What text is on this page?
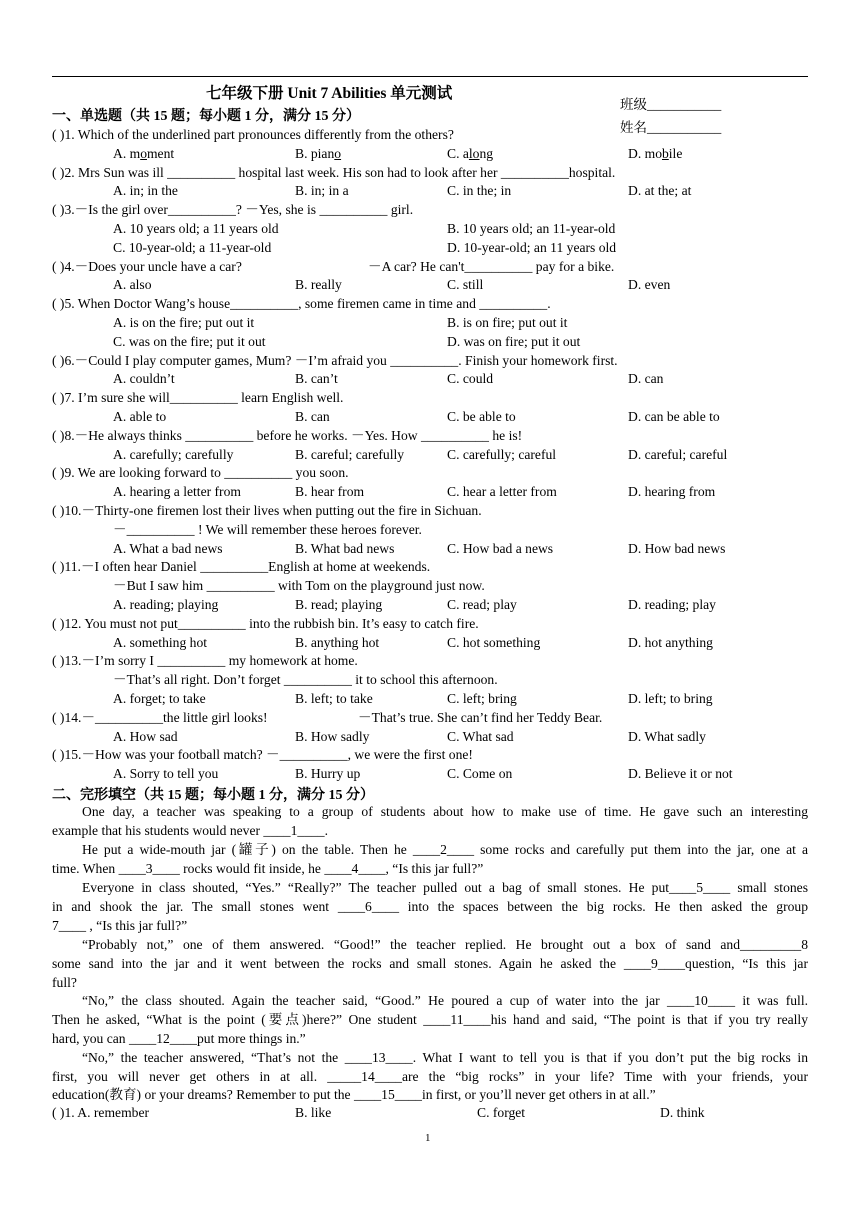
七年级下册 Unit 7 Abilities 单元测试
班级___________
姓名___________
一、单选题（共 15 题；每小题 1 分，满分 15 分）
( )1. Which of the underlined part pronounces differently from the others?
A. moment	B. piano	C. along	D. mobile
( )2. Mrs Sun was ill __________ hospital last week. His son had to look after her __________hospital.
A. in; in the	B. in; in a	C. in the; in	D. at the; at
( )3.－Is the girl over__________? －Yes, she is __________ girl.
A. 10 years old; a 11 years old	B. 10 years old; an 11-year-old
C. 10-year-old; a 11-year-old	D. 10-year-old; an 11 years old
( )4.－Does your uncle have a car?	－A car? He can't__________ pay for a bike.
A. also	B. really	C. still	D. even
( )5. When Doctor Wang’s house__________, some firemen came in time and __________.
A. is on the fire; put out it	B. is on fire; put out it
C. was on the fire; put it out	D. was on fire; put it out
( )6.－Could I play computer games, Mum? －I’m afraid you __________. Finish your homework first.
A. couldn’t	B. can’t	C. could	D. can
( )7. I’m sure she will__________ learn English well.
A. able to	B. can	C. be able to	D. can be able to
( )8.－He always thinks __________ before he works. －Yes. How __________ he is!
A. carefully; carefully	B. careful; carefully	C. carefully; careful	D. careful; careful
( )9. We are looking forward to __________ you soon.
A. hearing a letter from	B. hear from	C. hear a letter from	D. hearing from
( )10.－Thirty-one firemen lost their lives when putting out the fire in Sichuan.
－__________ ! We will remember these heroes forever.
A. What a bad news	B. What bad news	C. How bad a news	D. How bad news
( )11.－I often hear Daniel __________English at home at weekends.
－But I saw him __________ with Tom on the playground just now.
A. reading; playing	B. read; playing	C. read; play	D. reading; play
( )12. You must not put__________ into the rubbish bin. It’s easy to catch fire.
A. something hot	B. anything hot	C. hot something	D. hot anything
( )13.－I’m sorry I __________ my homework at home.
－That’s all right. Don’t forget __________ it to school this afternoon.
A. forget; to take	B. left; to take	C. left; bring	D. left; to bring
( )14.－__________the little girl looks!	－That’s true. She can’t find her Teddy Bear.
A. How sad	B. How sadly	C. What sad	D. What sadly
( )15.－How was your football match? －__________, we were the first one!
A. Sorry to tell you	B. Hurry up	C. Come on	D. Believe it or not
二、完形填空（共 15 题；每小题 1 分，满分 15 分）
One day, a teacher was speaking to a group of students about how to make use of time. He gave such an interesting
example that his students would never ____1____.
He put a wide-mouth jar (罐子) on the table. Then he ____2____ some rocks and carefully put them into the jar, one at a
time. When ____3____ rocks would fit inside, he ____4____, “Is this jar full?”
Everyone in class shouted, “Yes.” “Really?” The teacher pulled out a bag of small stones. He put____5____ small stones
in and shook the jar. The small stones went ____6____ into the spaces between the big rocks. He then asked the group
7____ , “Is this jar full?”
“Probably not,” one of them answered. “Good!” the teacher replied. He brought out a box of sand and_________8
some sand into the jar and it went between the rocks and small stones. Again he asked the ____9____question, “Is this jar
full?
“No,” the class shouted. Again the teacher said, “Good.” He poured a cup of water into the jar ____10____ it was full.
Then he asked, “What is the point (要点)here?” One student ____11____his hand and said, “The point is that if you try really
hard, you can ____12____put more things in.”
“No,” the teacher answered, “That’s not the ____13____. What I want to tell you is that if you don’t put the big rocks in
first, you will never get others in at all. _____14____are the “big rocks” in your life? Time with your friends, your
education(教育) or your dreams? Remember to put the ____15____in first, or you’ll never get others in at all.”
( )1. A. remember	B. like	C. forget	D. think
1
